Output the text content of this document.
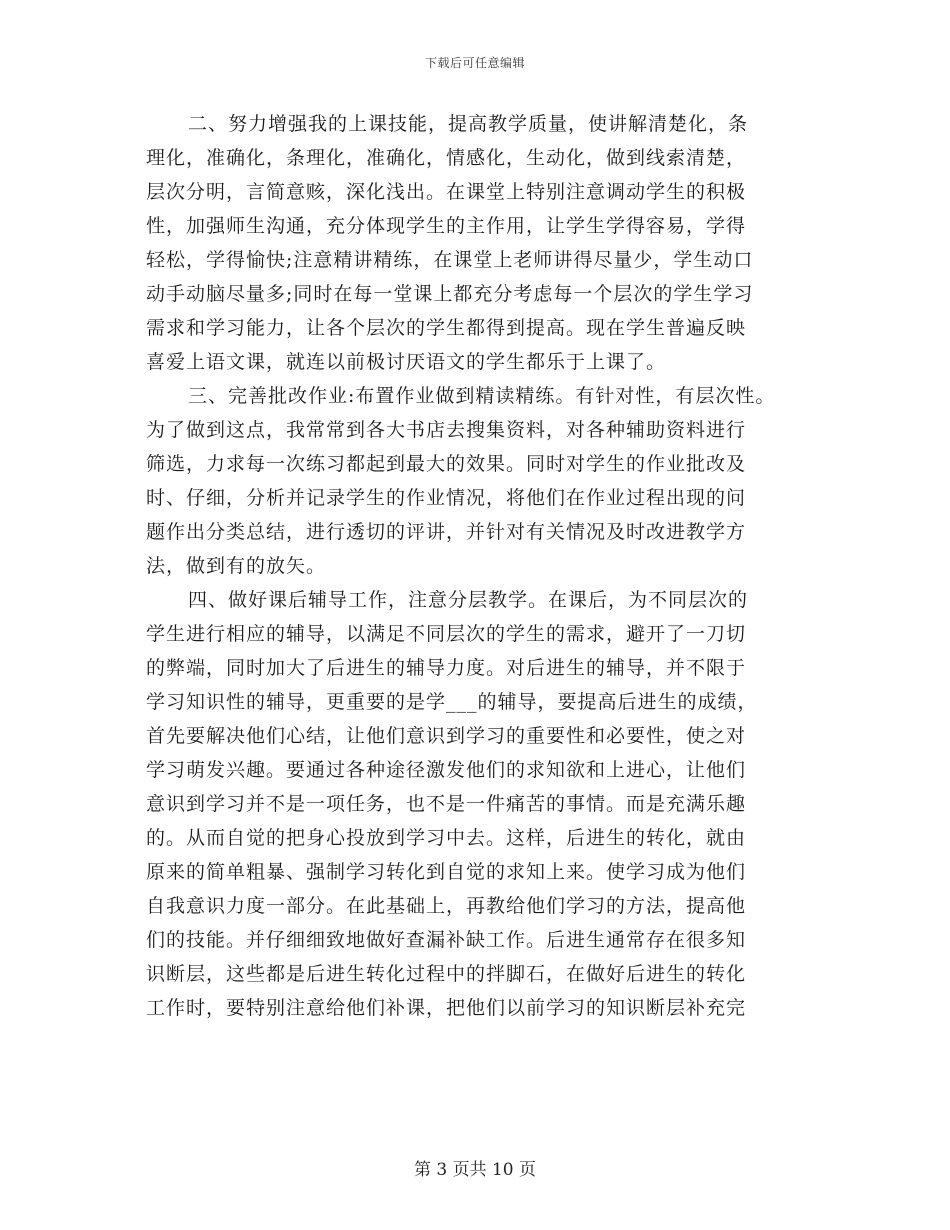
下载后可任意编辑
二、努力增强我的上课技能，提高教学质量，使讲解清楚化，条
理化，准确化，条理化，准确化，情感化，生动化，做到线索清楚，
层次分明，言简意赅，深化浅出。在课堂上特别注意调动学生的积极
性，加强师生沟通，充分体现学生的主作用，让学生学得容易，学得
轻松，学得愉快;注意精讲精练，在课堂上老师讲得尽量少，学生动口
动手动脑尽量多;同时在每一堂课上都充分考虑每一个层次的学生学习
需求和学习能力，让各个层次的学生都得到提高。现在学生普遍反映
喜爱上语文课，就连以前极讨厌语文的学生都乐于上课了。
三、完善批改作业:布置作业做到精读精练。有针对性，有层次性。
为了做到这点，我常常到各大书店去搜集资料，对各种辅助资料进行
筛选，力求每一次练习都起到最大的效果。同时对学生的作业批改及
时、仔细，分析并记录学生的作业情况，将他们在作业过程出现的问
题作出分类总结，进行透切的评讲，并针对有关情况及时改进教学方
法，做到有的放矢。
四、做好课后辅导工作，注意分层教学。在课后，为不同层次的
学生进行相应的辅导，以满足不同层次的学生的需求，避开了一刀切
的弊端，同时加大了后进生的辅导力度。对后进生的辅导，并不限于
学习知识性的辅导，更重要的是学___的辅导，要提高后进生的成绩，
首先要解决他们心结，让他们意识到学习的重要性和必要性，使之对
学习萌发兴趣。要通过各种途径激发他们的求知欲和上进心，让他们
意识到学习并不是一项任务，也不是一件痛苦的事情。而是充满乐趣
的。从而自觉的把身心投放到学习中去。这样，后进生的转化，就由
原来的简单粗暴、强制学习转化到自觉的求知上来。使学习成为他们
自我意识力度一部分。在此基础上，再教给他们学习的方法，提高他
们的技能。并仔细细致地做好查漏补缺工作。后进生通常存在很多知
识断层，这些都是后进生转化过程中的拌脚石，在做好后进生的转化
工作时，要特别注意给他们补课，把他们以前学习的知识断层补充完
第 3 页共 10 页
